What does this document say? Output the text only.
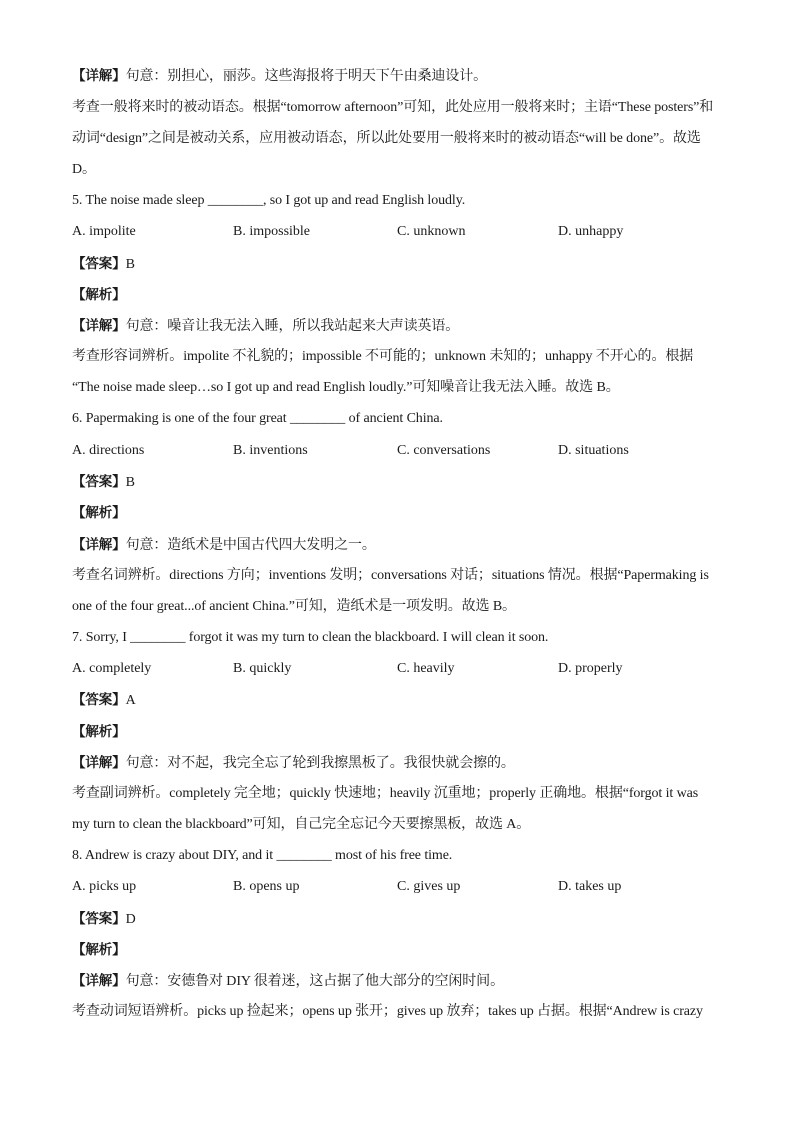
【详解】句意：别担心，丽莎。这些海报将于明天下午由桑迪设计。
考查一般将来时的被动语态。根据“tomorrow afternoon”可知，此处应用一般将来时；主语“These posters”和
动词“design”之间是被动关系，应用被动语态，所以此处要用一般将来时的被动语态“will be done”。故选
D。
5. The noise made sleep ________, so I got up and read English loudly.
A. impolite	B. impossible	C. unknown	D. unhappy
【答案】B
【解析】
【详解】句意：噪音让我无法入睡，所以我站起来大声读英语。
考查形容词辨析。impolite 不礼貌的；impossible 不可能的；unknown 未知的；unhappy 不开心的。根据
“The noise made sleep…so I got up and read English loudly.”可知噪音让我无法入睡。故选 B。
6. Papermaking is one of the four great ________ of ancient China.
A. directions	B. inventions	C. conversations	D. situations
【答案】B
【解析】
【详解】句意：造纸术是中国古代四大发明之一。
考查名词辨析。directions 方向；inventions 发明；conversations 对话；situations 情况。根据“Papermaking is
one of the four great...of ancient China.”可知，造纸术是一项发明。故选 B。
7. Sorry, I ________ forgot it was my turn to clean the blackboard. I will clean it soon.
A. completely	B. quickly	C. heavily	D. properly
【答案】A
【解析】
【详解】句意：对不起，我完全忘了轮到我擦黑板了。我很快就会擦的。
考查副词辨析。completely 完全地；quickly 快速地；heavily 沉重地；properly 正确地。根据“forgot it was
my turn to clean the blackboard”可知，自己完全忘记今天要擦黑板，故选 A。
8. Andrew is crazy about DIY, and it ________ most of his free time.
A. picks up	B. opens up	C. gives up	D. takes up
【答案】D
【解析】
【详解】句意：安德鲁对 DIY 很着迷，这占据了他大部分的空闲时间。
考查动词短语辨析。picks up 捡起来；opens up 张开；gives up 放弃；takes up 占据。根据“Andrew is crazy
